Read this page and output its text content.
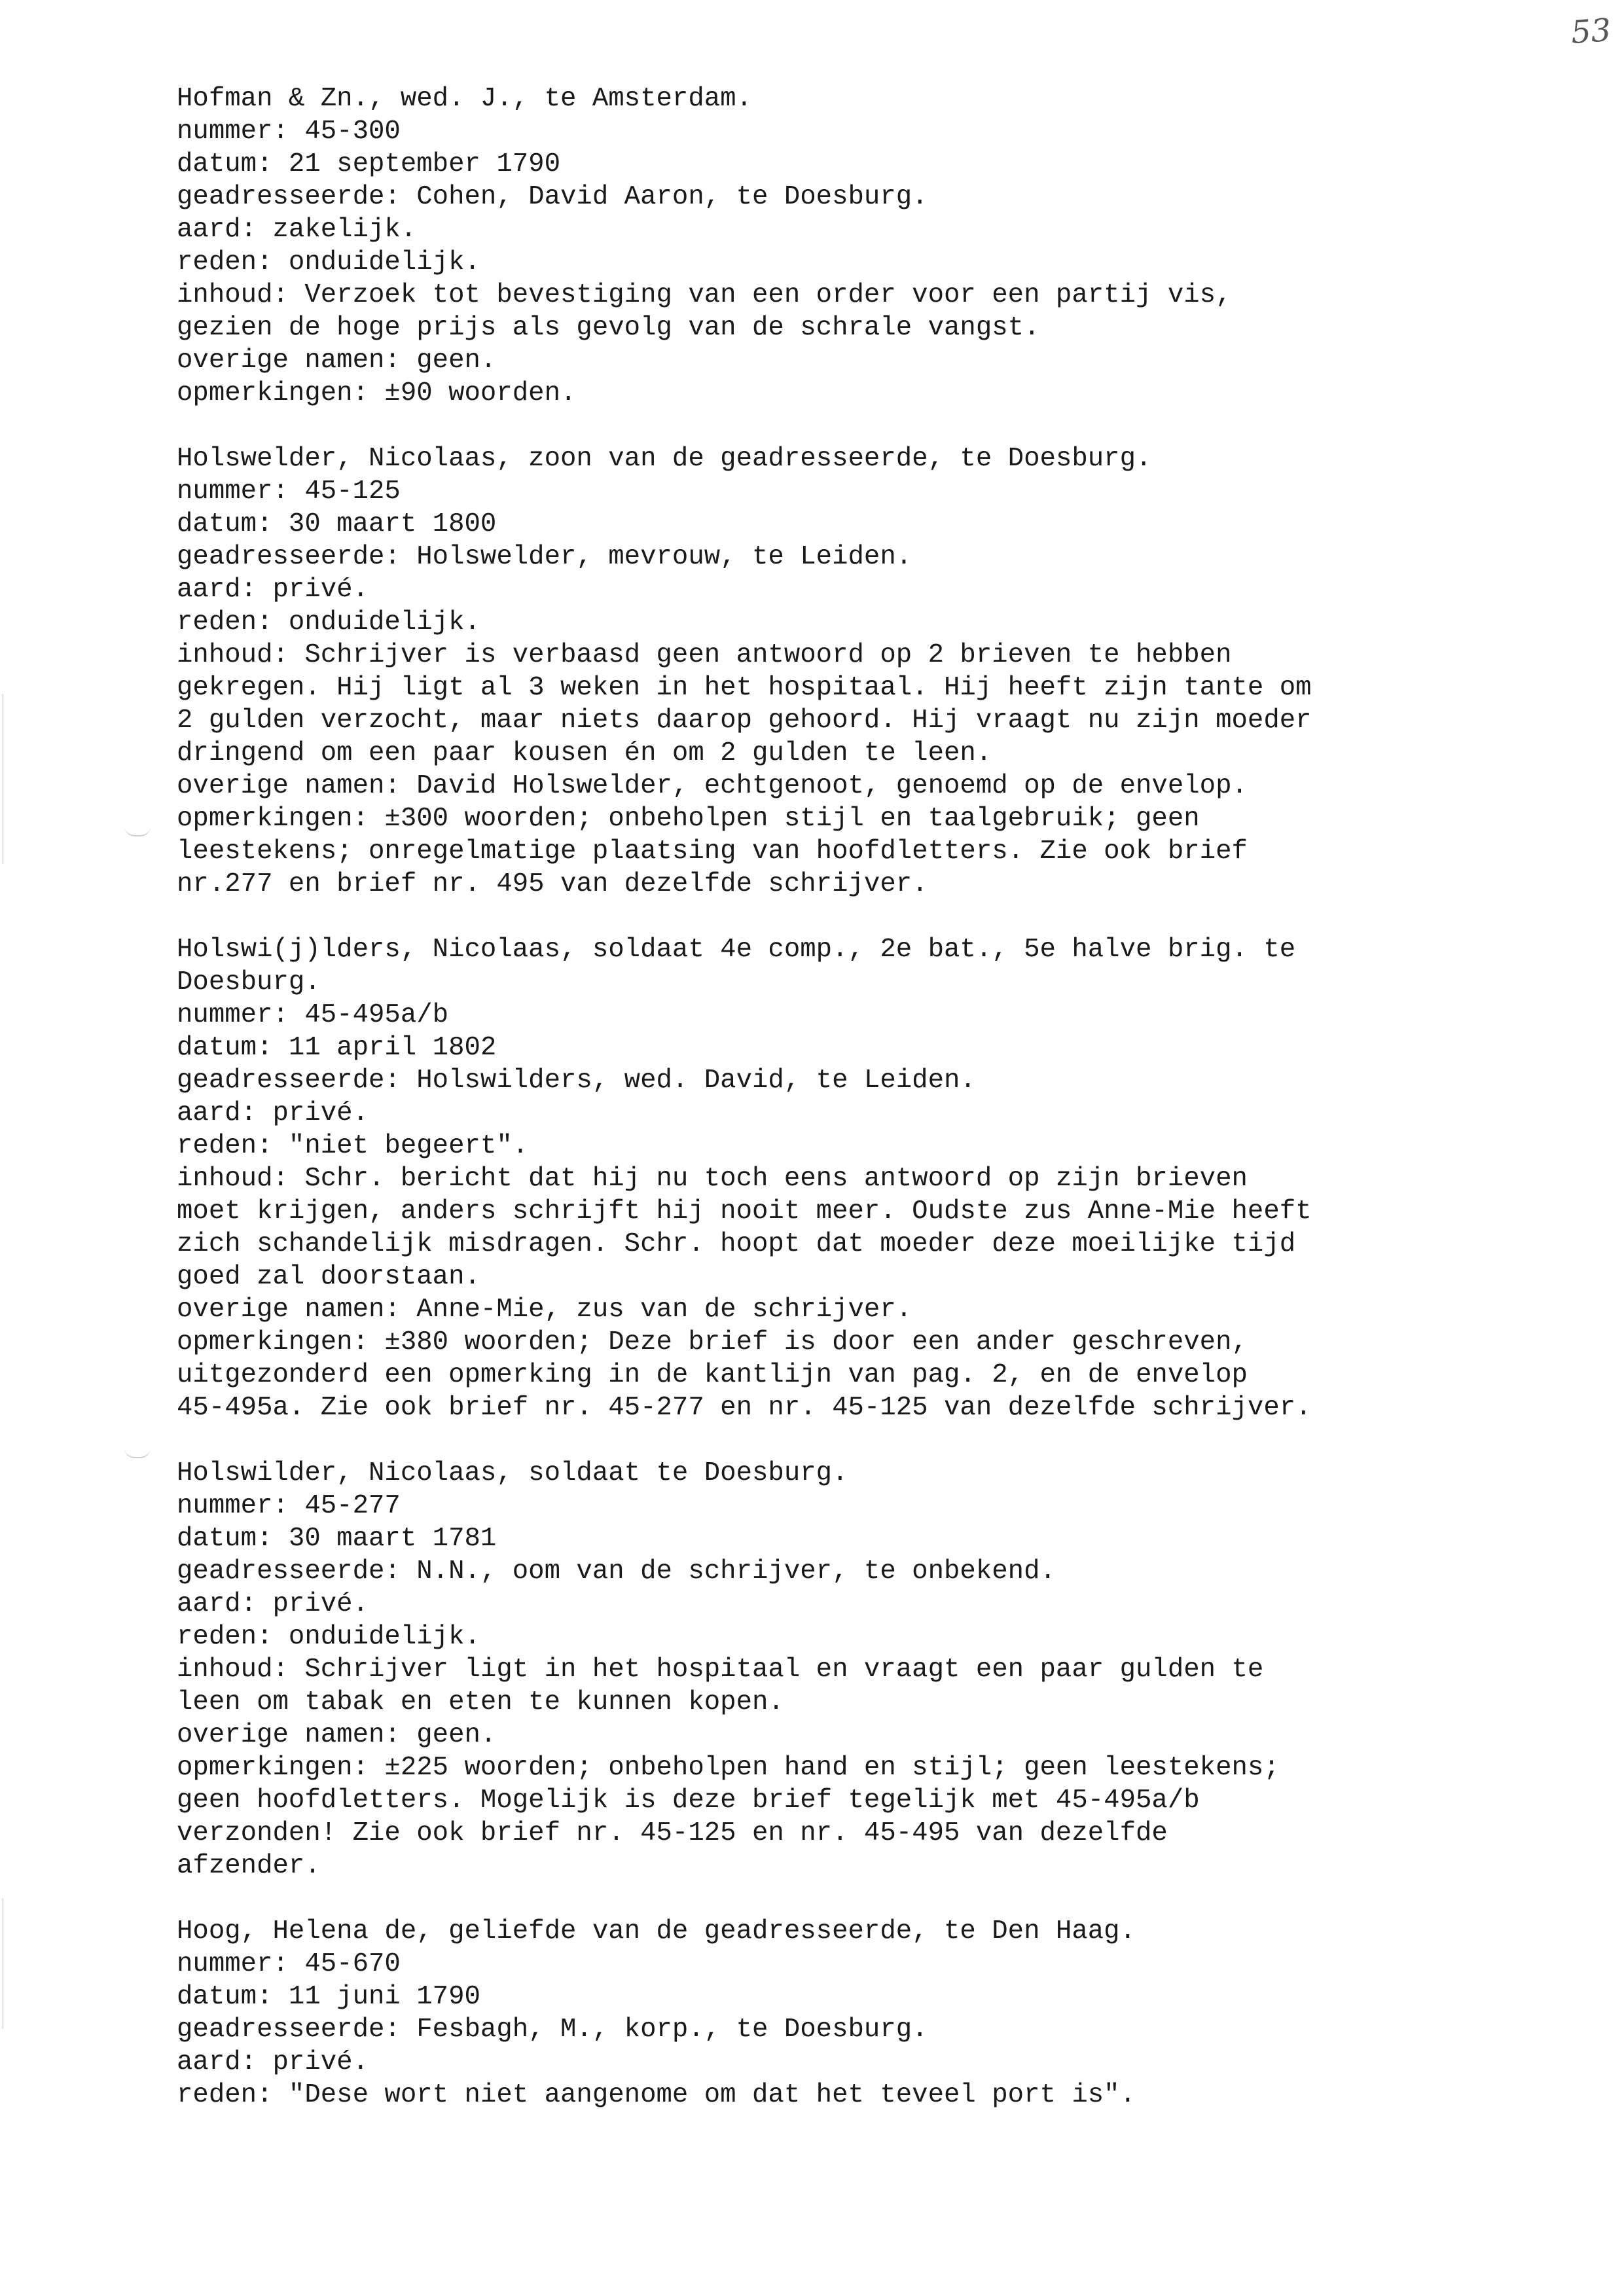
53
Hofman & Zn., wed. J., te Amsterdam.
nummer: 45-300
datum: 21 september 1790
geadresseerde: Cohen, David Aaron, te Doesburg.
aard: zakelijk.
reden: onduidelijk.
inhoud: Verzoek tot bevestiging van een order voor een partij vis,
gezien de hoge prijs als gevolg van de schrale vangst.
overige namen: geen.
opmerkingen: ±90 woorden.
Holswelder, Nicolaas, zoon van de geadresseerde, te Doesburg.
nummer: 45-125
datum: 30 maart 1800
geadresseerde: Holswelder, mevrouw, te Leiden.
aard: privé.
reden: onduidelijk.
inhoud: Schrijver is verbaasd geen antwoord op 2 brieven te hebben
gekregen. Hij ligt al 3 weken in het hospitaal. Hij heeft zijn tante om
2 gulden verzocht, maar niets daarop gehoord. Hij vraagt nu zijn moeder
dringend om een paar kousen én om 2 gulden te leen.
overige namen: David Holswelder, echtgenoot, genoemd op de envelop.
opmerkingen: ±300 woorden; onbeholpen stijl en taalgebruik; geen
leestekens; onregelmatige plaatsing van hoofdletters. Zie ook brief
nr.277 en brief nr. 495 van dezelfde schrijver.
Holswi(j)lders, Nicolaas, soldaat 4e comp., 2e bat., 5e halve brig. te
Doesburg.
nummer: 45-495a/b
datum: 11 april 1802
geadresseerde: Holswilders, wed. David, te Leiden.
aard: privé.
reden: "niet begeert".
inhoud: Schr. bericht dat hij nu toch eens antwoord op zijn brieven
moet krijgen, anders schrijft hij nooit meer. Oudste zus Anne-Mie heeft
zich schandelijk misdragen. Schr. hoopt dat moeder deze moeilijke tijd
goed zal doorstaan.
overige namen: Anne-Mie, zus van de schrijver.
opmerkingen: ±380 woorden; Deze brief is door een ander geschreven,
uitgezonderd een opmerking in de kantlijn van pag. 2, en de envelop
45-495a. Zie ook brief nr. 45-277 en nr. 45-125 van dezelfde schrijver.
Holswilder, Nicolaas, soldaat te Doesburg.
nummer: 45-277
datum: 30 maart 1781
geadresseerde: N.N., oom van de schrijver, te onbekend.
aard: privé.
reden: onduidelijk.
inhoud: Schrijver ligt in het hospitaal en vraagt een paar gulden te
leen om tabak en eten te kunnen kopen.
overige namen: geen.
opmerkingen: ±225 woorden; onbeholpen hand en stijl; geen leestekens;
geen hoofdletters. Mogelijk is deze brief tegelijk met 45-495a/b
verzonden! Zie ook brief nr. 45-125 en nr. 45-495 van dezelfde
afzender.
Hoog, Helena de, geliefde van de geadresseerde, te Den Haag.
nummer: 45-670
datum: 11 juni 1790
geadresseerde: Fesbagh, M., korp., te Doesburg.
aard: privé.
reden: "Dese wort niet aangenome om dat het teveel port is".
